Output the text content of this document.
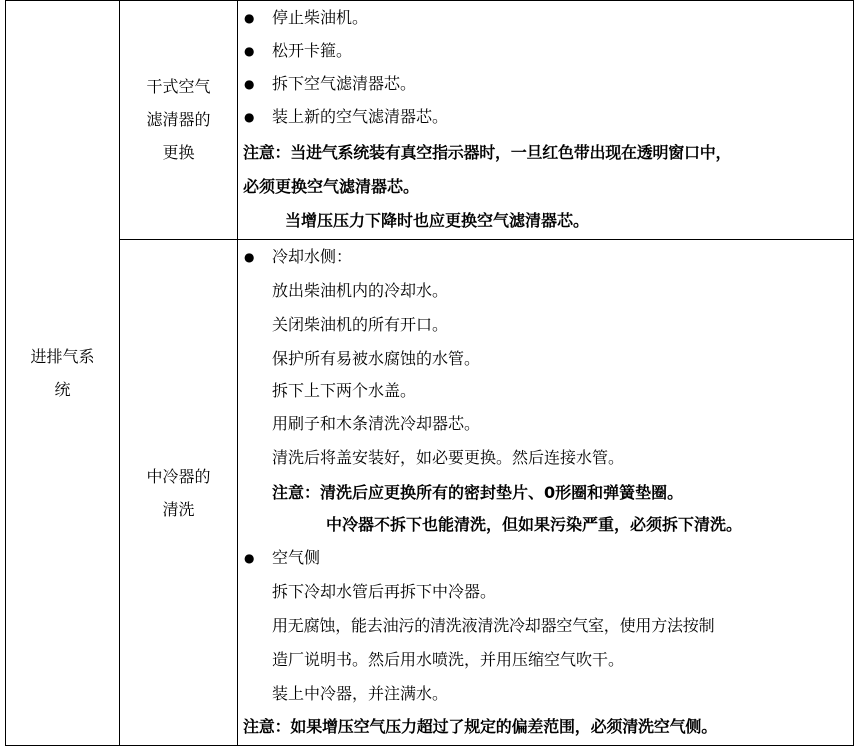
进排气系
统
干式空气
滤清器的
更换
中冷器的
清洗
● 停止柴油机。
● 松开卡箍。
● 拆下空气滤清器芯。
● 装上新的空气滤清器芯。
注意：当进气系统装有真空指示器时，一旦红色带出现在透明窗口中，
必须更换空气滤清器芯。
当增压压力下降时也应更换空气滤清器芯。
● 冷却水侧：
放出柴油机内的冷却水。
关闭柴油机的所有开口。
保护所有易被水腐蚀的水管。
拆下上下两个水盖。
用刷子和木条清洗冷却器芯。
清洗后将盖安装好，如必要更换。然后连接水管。
注意：清洗后应更换所有的密封垫片、0形圈和弹簧垫圈。
中冷器不拆下也能清洗，但如果污染严重，必须拆下清洗。
● 空气侧
拆下冷却水管后再拆下中冷器。
用无腐蚀，能去油污的清洗液清洗冷却器空气室，使用方法按制
造厂说明书。然后用水喷洗，并用压缩空气吹干。
装上中冷器，并注满水。
注意：如果增压空气压力超过了规定的偏差范围，必须清洗空气侧。
